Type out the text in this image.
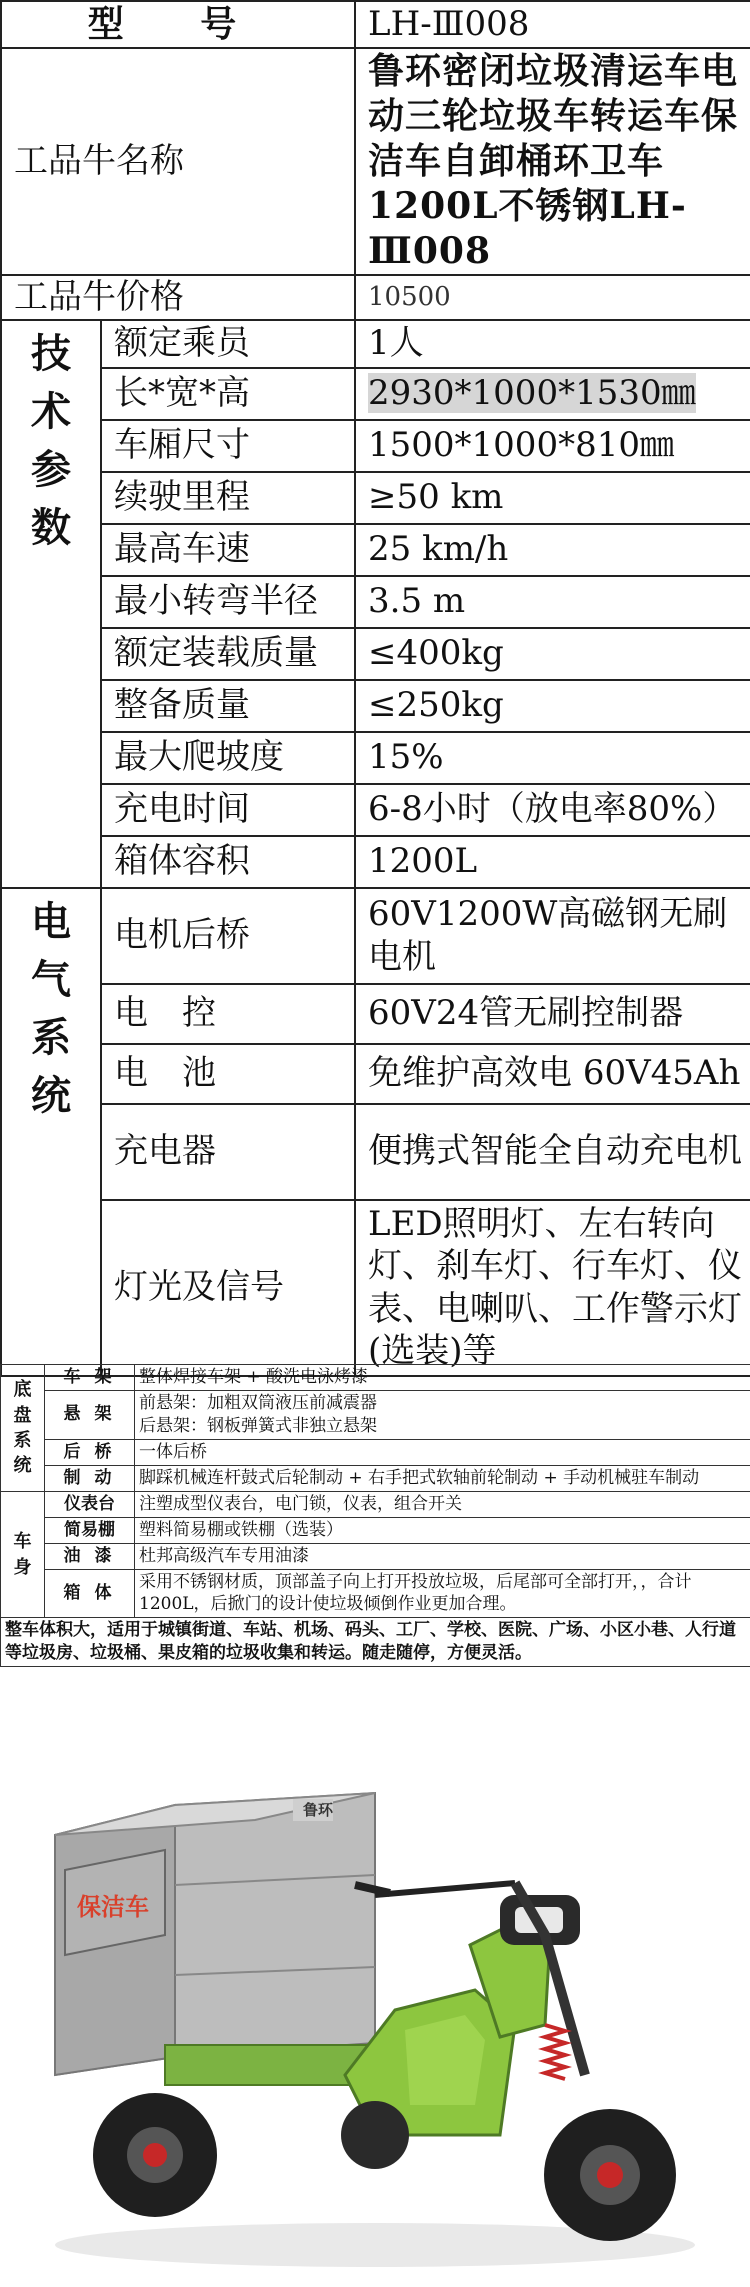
型 号		LH-Ⅲ008
工品牛名称		鲁环密闭垃圾清运车电动三轮垃圾车转运车保洁车自卸桶环卫车1200L不锈钢LH-Ⅲ008
工品牛价格		10500
技术参数	额定乘员	1人
	长*宽*高	2930*1000*1530㎜
	车厢尺寸	1500*1000*810㎜
	续驶里程	≥50 km
	最高车速	25 km/h
	最小转弯半径	3.5 m
	额定装载质量	≤400kg
	整备质量	≤250kg
	最大爬坡度	15%
	充电时间	6-8小时（放电率80%）
	箱体容积	1200L
电气系统	电机后桥	60V1200W高磁钢无刷电机
	电　控	60V24管无刷控制器
	电　池	免维护高效电 60V45Ah
	充电器	便携式智能全自动充电机
	灯光及信号	LED照明灯、左右转向灯、刹车灯、行车灯、仪表、电喇叭、工作警示灯(选装)等
底盘系统	车 架	整体焊接车架 + 酸洗电泳烤漆
	悬 架	前悬架：加粗双筒液压前减震器
后悬架：钢板弹簧式非独立悬架

	后 桥	一体后桥
	制 动	脚踩机械连杆鼓式后轮制动 + 右手把式软轴前轮制动 + 手动机械驻车制动
车身	仪表台	注塑成型仪表台，电门锁，仪表，组合开关
	简易棚	塑料简易棚或铁棚（选装）
	油 漆	杜邦高级汽车专用油漆
	箱 体	采用不锈钢材质，顶部盖子向上打开投放垃圾，后尾部可全部打开，，合计1200L，后掀门的设计使垃圾倾倒作业更加合理。
整车体积大，适用于城镇街道、车站、机场、码头、工厂、学校、医院、广场、小区小巷、人行道等垃圾房、垃圾桶、果皮箱的垃圾收集和转运。随走随停，方便灵活。		
鲁环
保洁车
